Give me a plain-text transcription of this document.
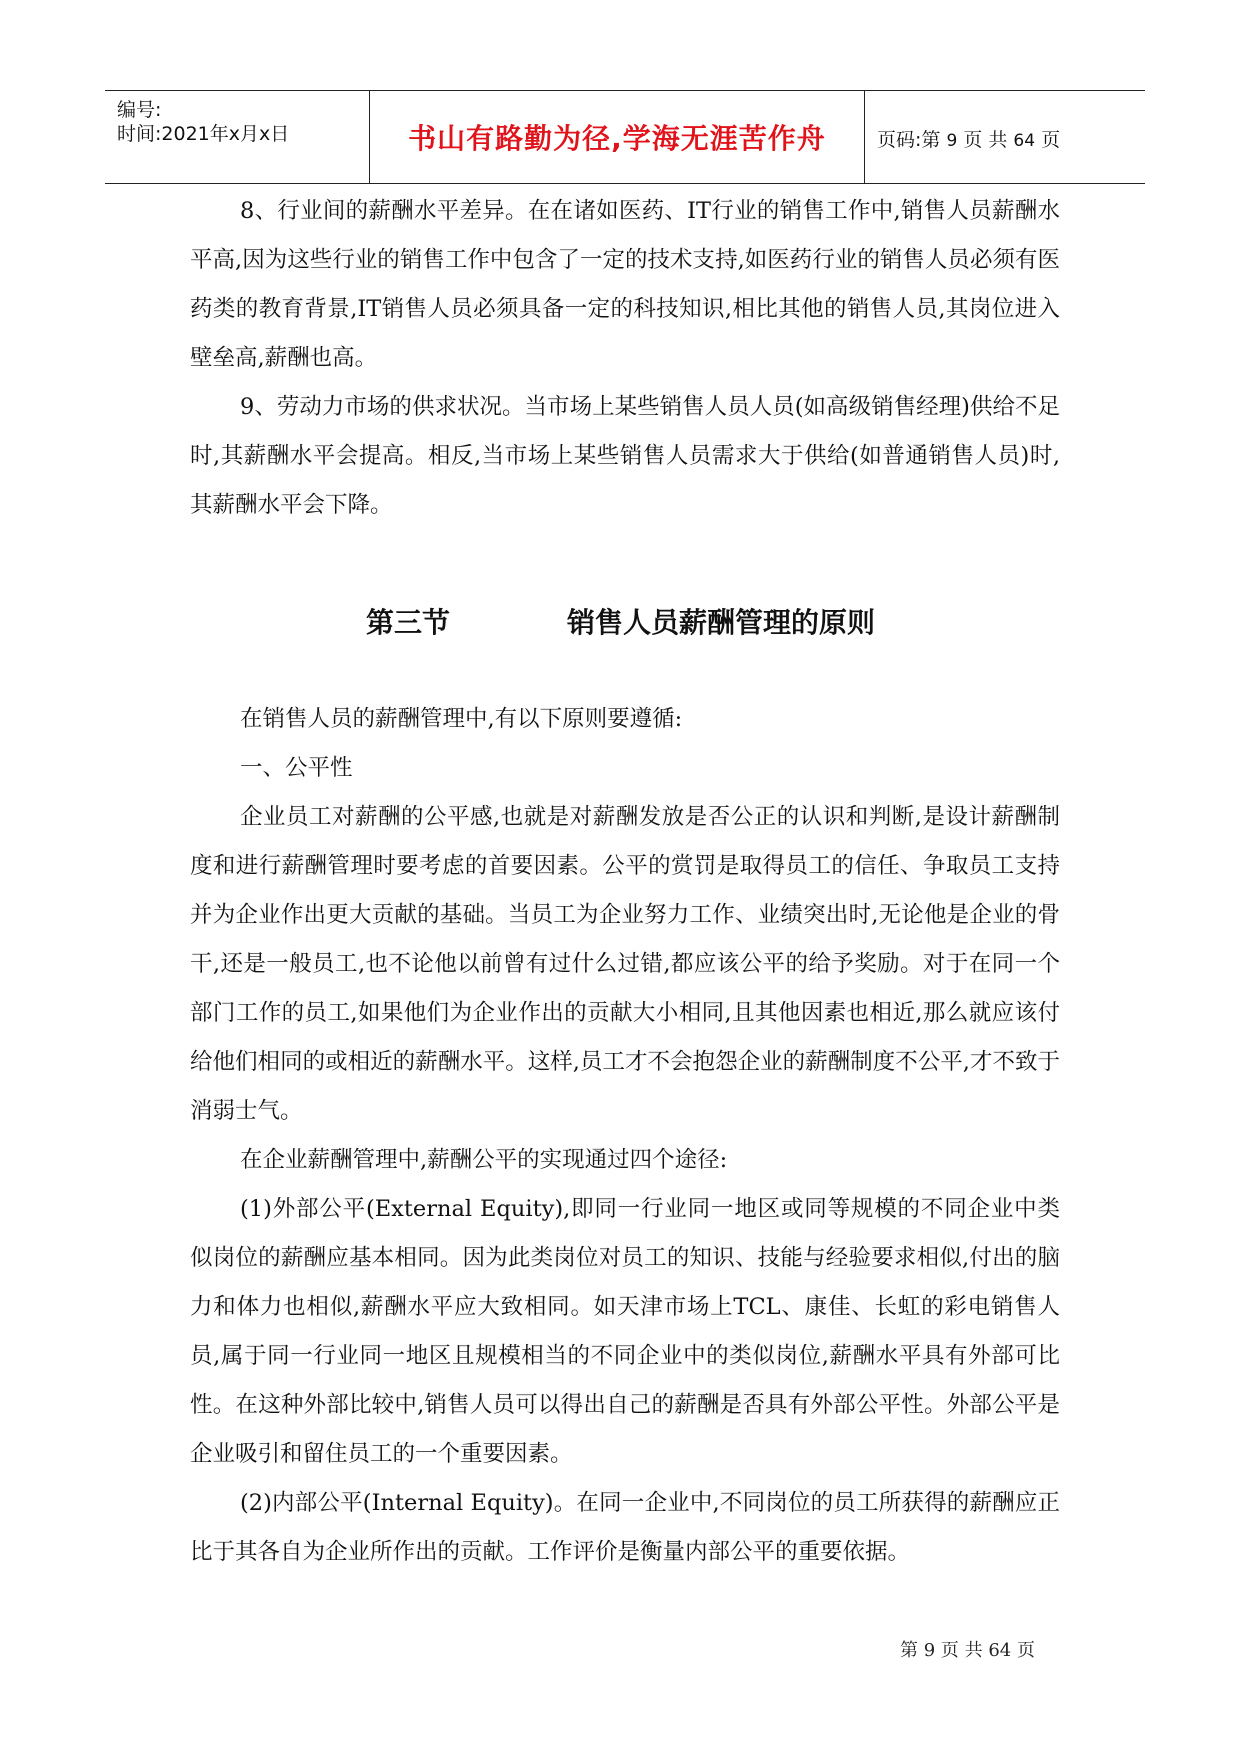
编号:
时间:2021年x月x日	书山有路勤为径,学海无涯苦作舟	页码:第 9 页 共 64 页

8、行业间的薪酬水平差异。在在诸如医药、IT行业的销售工作中,销售人员薪酬水平高,因为这些行业的销售工作中包含了一定的技术支持,如医药行业的销售人员必须有医药类的教育背景,IT销售人员必须具备一定的科技知识,相比其他的销售人员,其岗位进入壁垒高,薪酬也高。

9、劳动力市场的供求状况。当市场上某些销售人员人员(如高级销售经理)供给不足时,其薪酬水平会提高。相反,当市场上某些销售人员需求大于供给(如普通销售人员)时,其薪酬水平会下降。

第三节	销售人员薪酬管理的原则

在销售人员的薪酬管理中,有以下原则要遵循:

一、公平性

企业员工对薪酬的公平感,也就是对薪酬发放是否公正的认识和判断,是设计薪酬制度和进行薪酬管理时要考虑的首要因素。公平的赏罚是取得员工的信任、争取员工支持并为企业作出更大贡献的基础。当员工为企业努力工作、业绩突出时,无论他是企业的骨干,还是一般员工,也不论他以前曾有过什么过错,都应该公平的给予奖励。对于在同一个部门工作的员工,如果他们为企业作出的贡献大小相同,且其他因素也相近,那么就应该付给他们相同的或相近的薪酬水平。这样,员工才不会抱怨企业的薪酬制度不公平,才不致于消弱士气。

在企业薪酬管理中,薪酬公平的实现通过四个途径:

(1)外部公平(External Equity),即同一行业同一地区或同等规模的不同企业中类似岗位的薪酬应基本相同。因为此类岗位对员工的知识、技能与经验要求相似,付出的脑力和体力也相似,薪酬水平应大致相同。如天津市场上TCL、康佳、长虹的彩电销售人员,属于同一行业同一地区且规模相当的不同企业中的类似岗位,薪酬水平具有外部可比性。在这种外部比较中,销售人员可以得出自己的薪酬是否具有外部公平性。外部公平是企业吸引和留住员工的一个重要因素。

(2)内部公平(Internal Equity)。在同一企业中,不同岗位的员工所获得的薪酬应正比于其各自为企业所作出的贡献。工作评价是衡量内部公平的重要依据。

第 9 页 共 64 页
